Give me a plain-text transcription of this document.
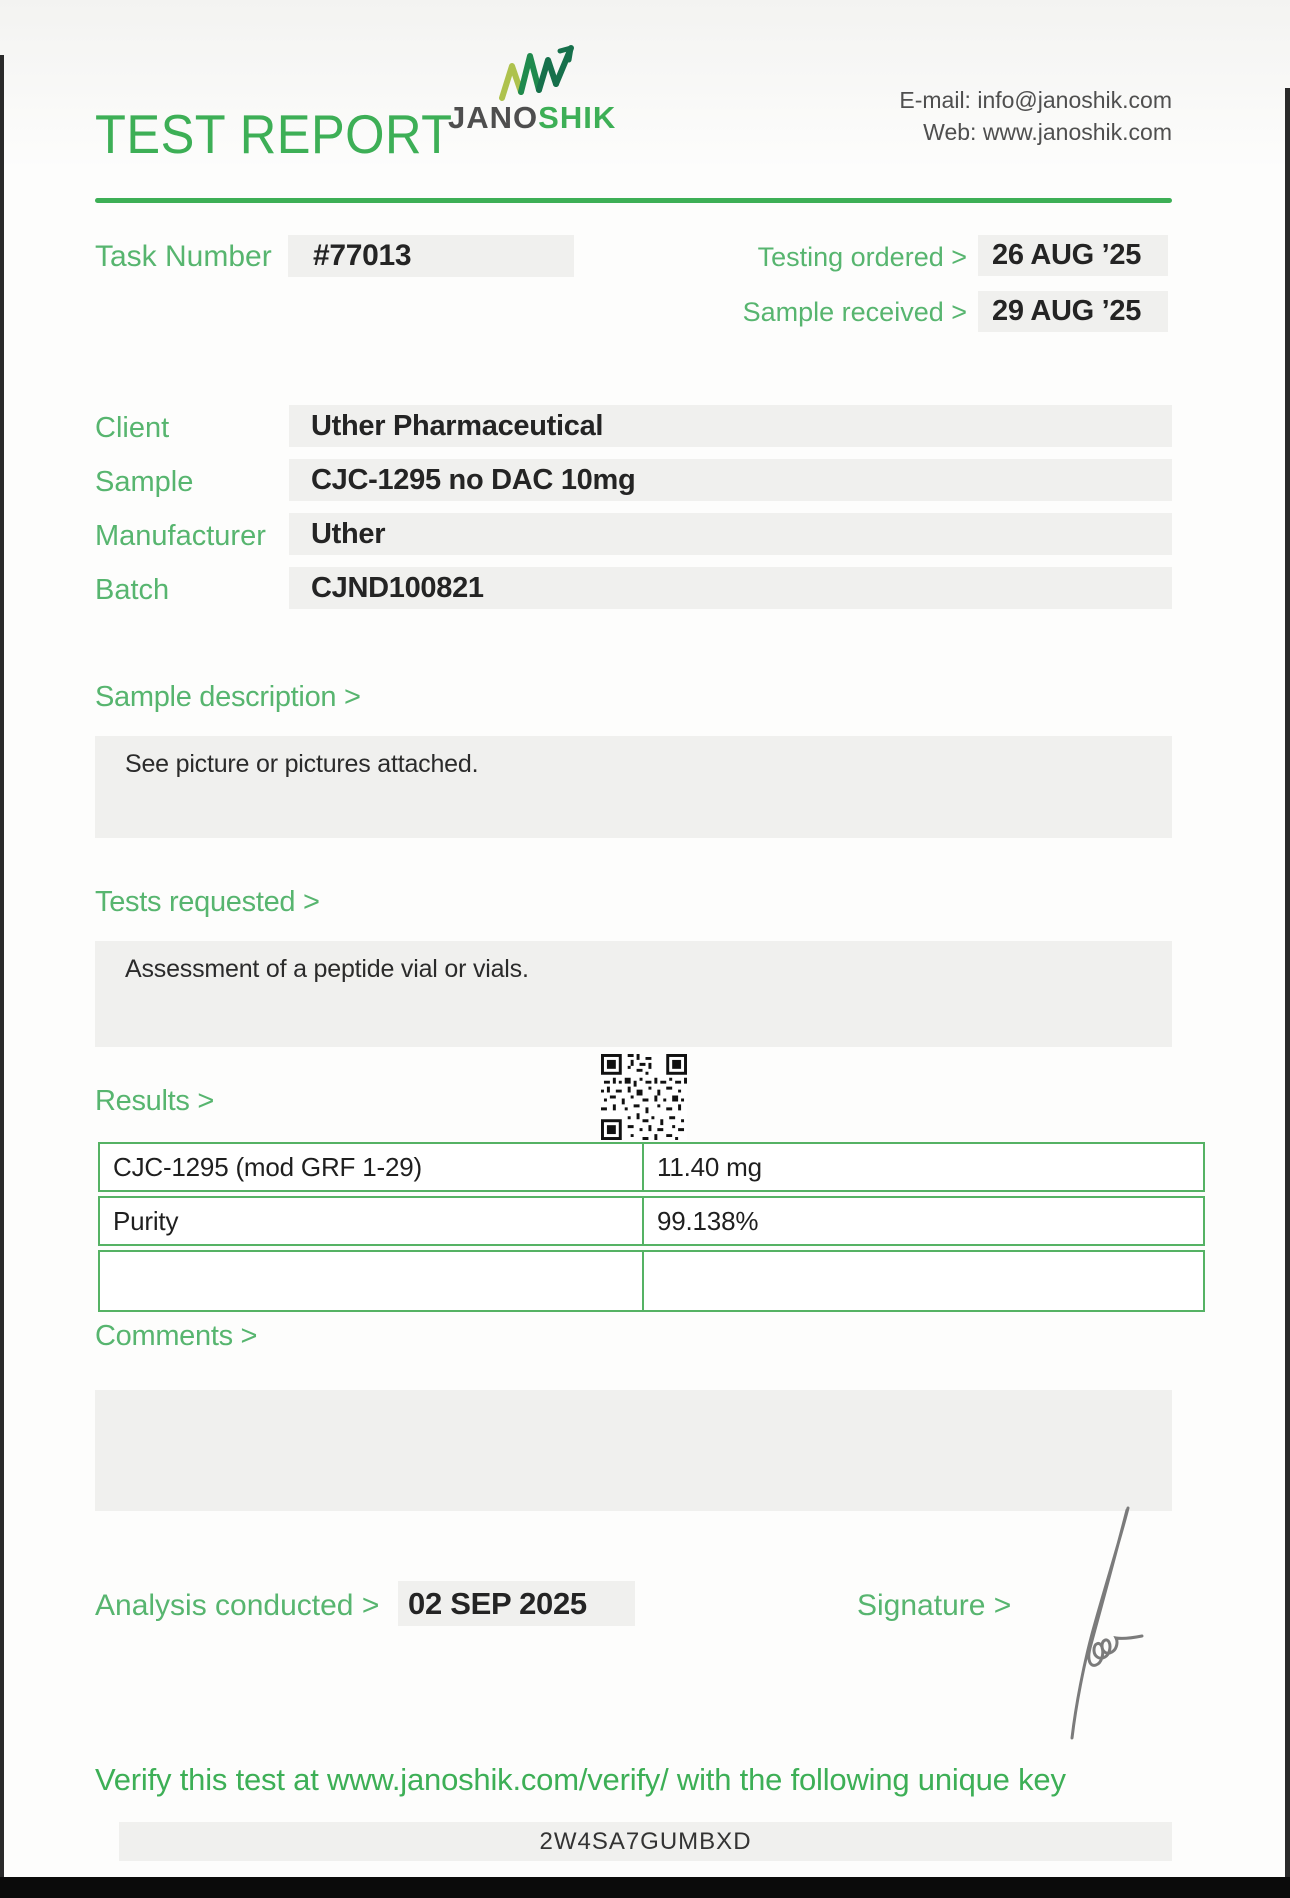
TEST REPORT
JANOSHIK	E-mail: info@janoshik.com
Web: www.janoshik.com
Task Number	#77013	Testing ordered > 26 AUG ’25
Sample received > 29 AUG ’25
Client	Uther Pharmaceutical
Sample	CJC-1295 no DAC 10mg
Manufacturer	Uther
Batch	CJND100821
Sample description >
See picture or pictures attached.
Tests requested >
Assessment of a peptide vial or vials.
Results >
CJC-1295 (mod GRF 1-29)	11.40 mg
Purity	99.138%
Comments >
Analysis conducted > 02 SEP 2025	Signature >
Verify this test at www.janoshik.com/verify/ with the following unique key
2W4SA7GUMBXD
